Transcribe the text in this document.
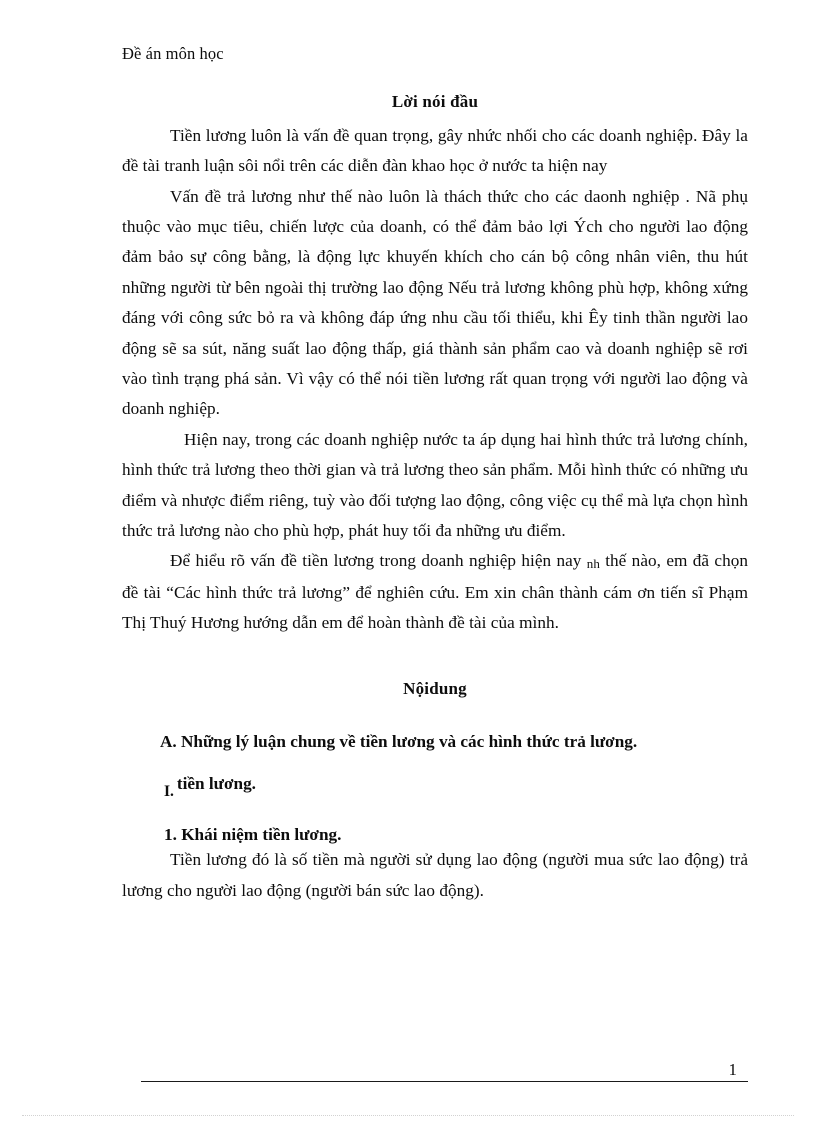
Đề án môn học
Lời nói đầu

Tiền lương luôn là vấn đề quan trọng, gây nhức nhối cho các doanh nghiệp. Đây la đề tài tranh luận sôi nổi trên các diễn đàn khao học ở nước ta hiện nay

Vấn đề trả lương như thế nào luôn là thách thức cho các daonh nghiệp . Nã phụ thuộc vào mục tiêu, chiến lược của doanh, có thể đảm bảo lợi Ých cho người lao động đảm bảo sự công bằng, là động lực khuyến khích cho cán bộ công nhân viên, thu hút những người từ bên ngoài thị trường lao động Nếu trả lương không phù hợp, không xứng đáng với công sức bỏ ra và không đáp ứng nhu cầu tối thiểu, khi Êy tinh thần người lao động sẽ sa sút, năng suất lao động thấp, giá thành sản phẩm cao và doanh nghiệp sẽ rơi vào tình trạng phá sản. Vì vậy có thể nói tiền lương rất quan trọng với người lao động và doanh nghiệp.

Hiện nay, trong các doanh nghiệp nước ta áp dụng hai hình thức trả lương chính, hình thức trả lương theo thời gian và trả lương theo sản phẩm. Mỗi hình thức có những ưu điểm và nhược điểm riêng, tuỳ vào đối tượng lao động, công việc cụ thể mà lựa chọn hình thức trả lương nào cho phù hợp, phát huy tối đa những ưu điểm.

Để hiểu rõ vấn đề tiền lương trong doanh nghiệp hiện nay nh thế nào, em đã chọn đề tài “Các hình thức trả lương” để nghiên cứu. Em xin chân thành cám ơn tiến sĩ Phạm Thị Thuý Hương hướng dẫn em để hoàn thành đề tài của mình.

Nộidung
A. Những lý luận chung về tiền lương và các hình thức trả lương.
I. tiền lương.
1. Khái niệm tiền lương.

Tiền lương đó là số tiền mà người sử dụng lao động (người mua sức lao động) trả lương cho người lao động (người bán sức lao động).

1
